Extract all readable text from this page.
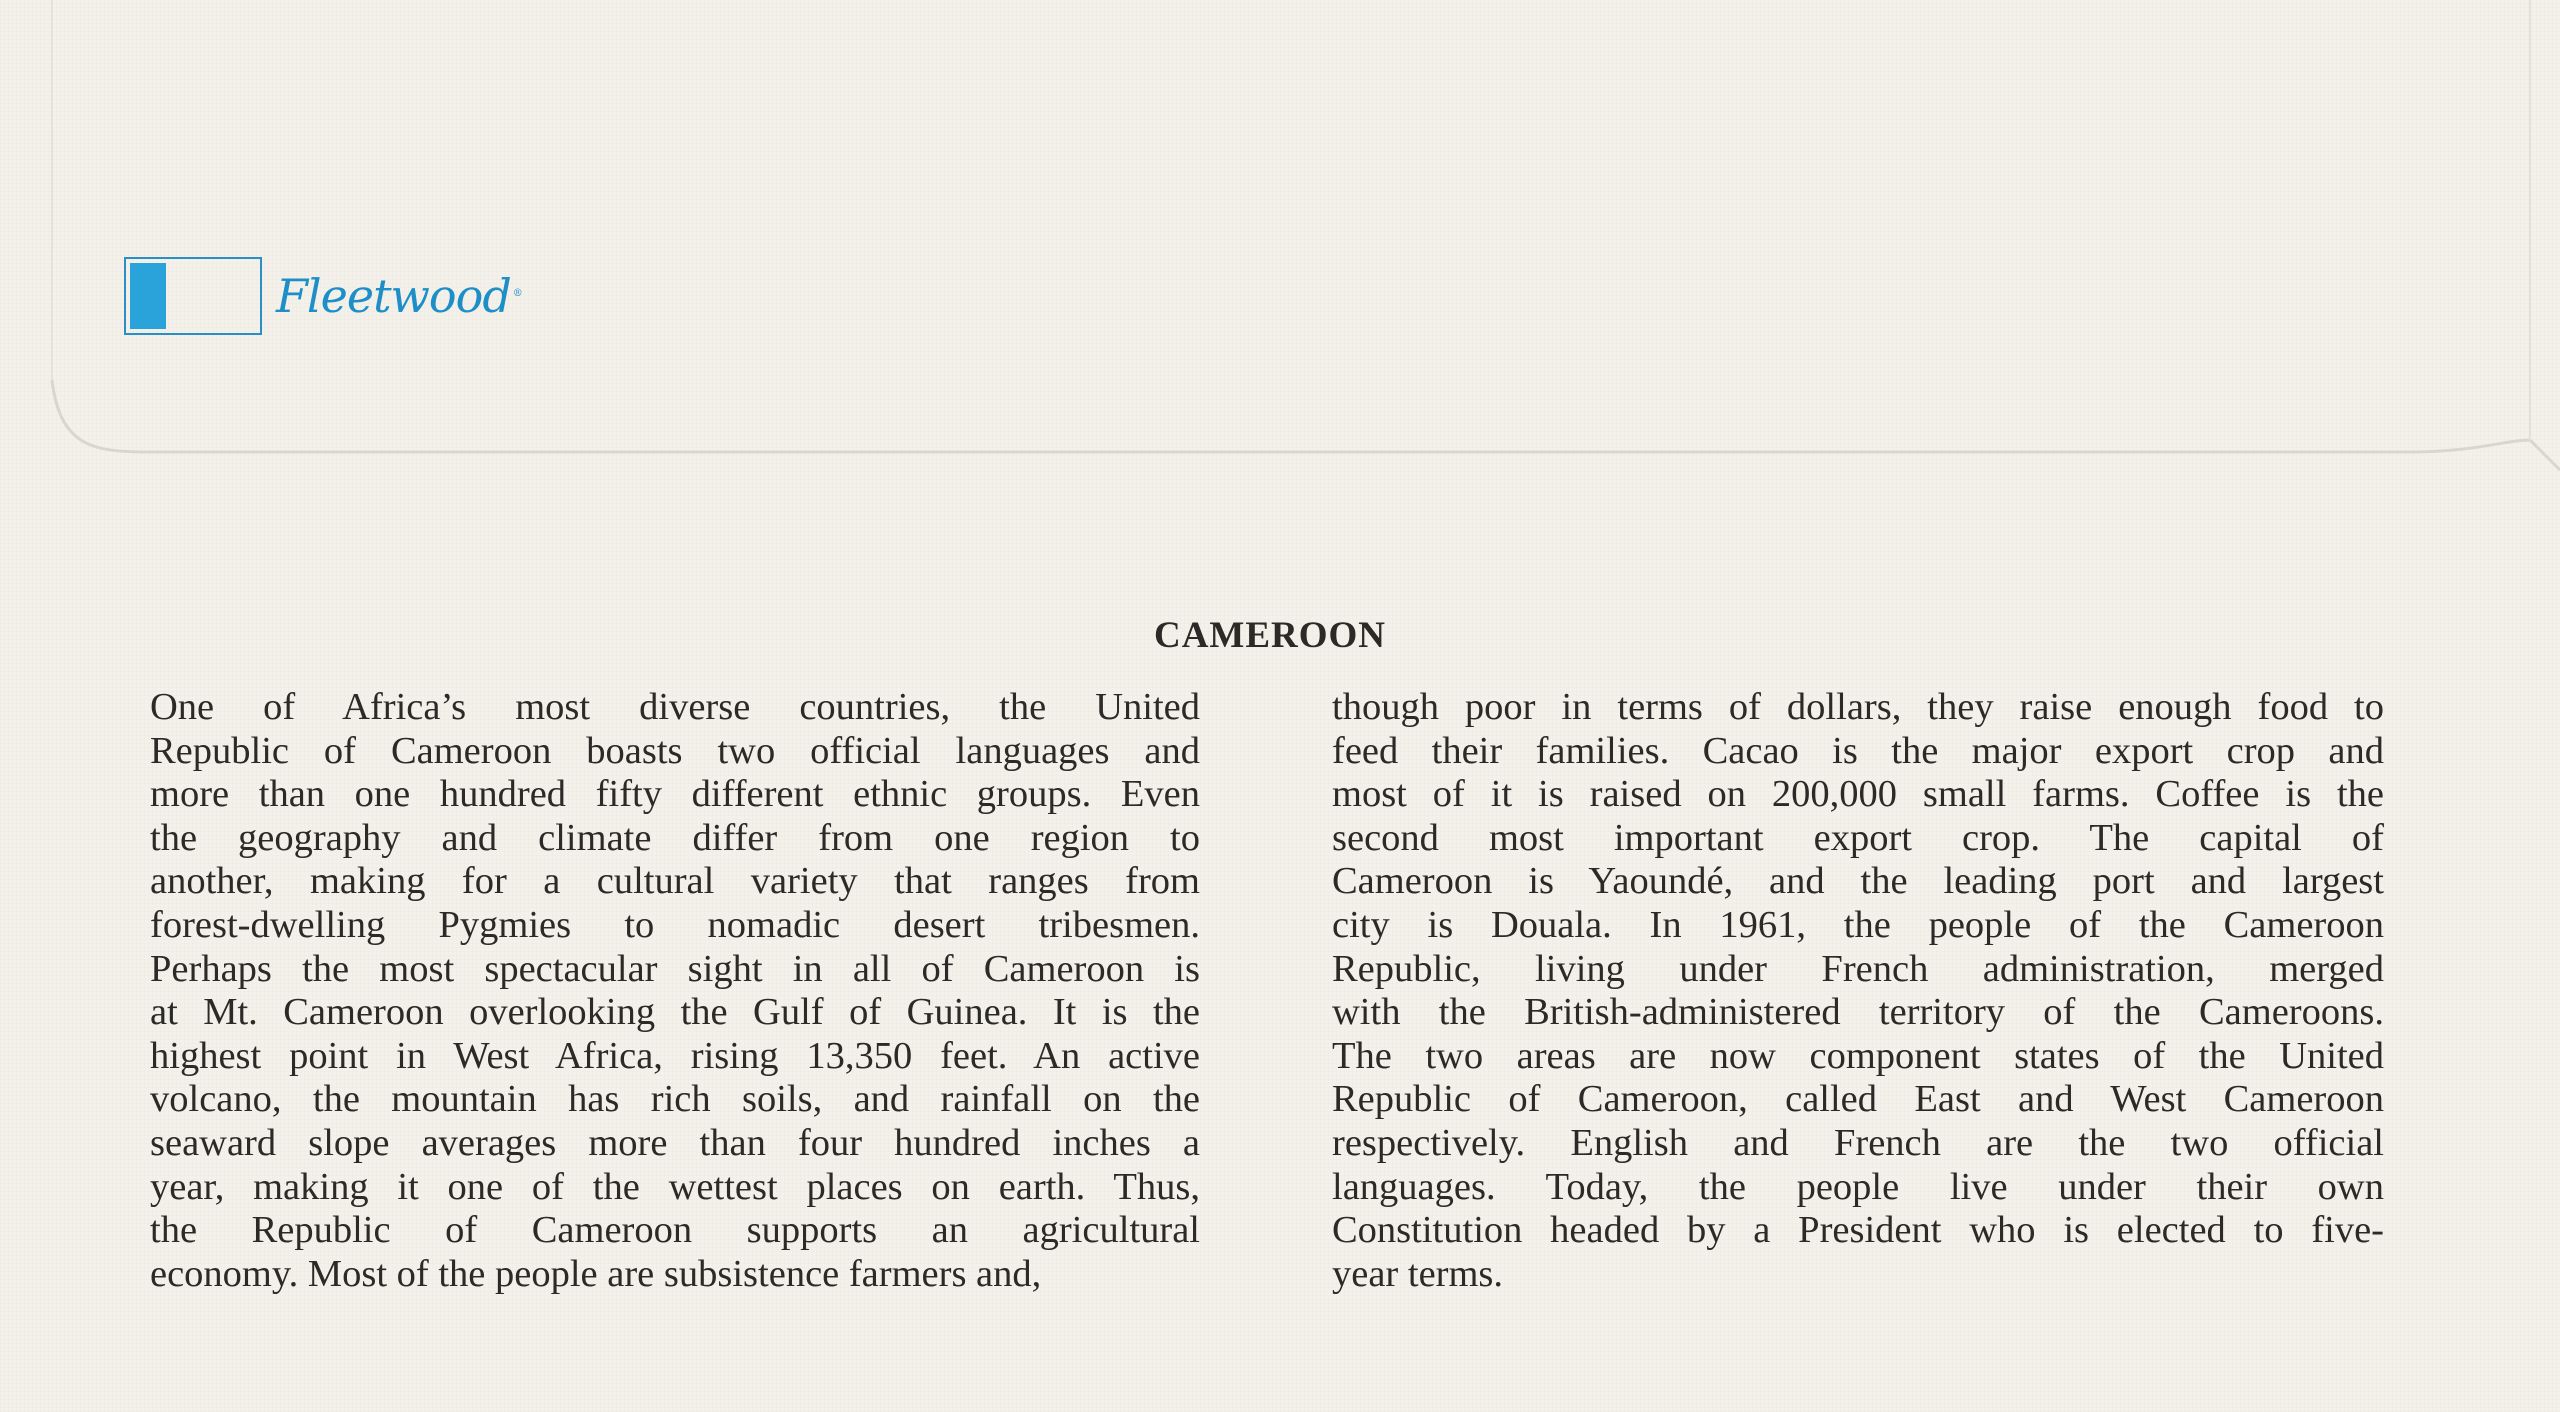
Fleetwood ®
CAMEROON
One of Africa’s most diverse countries, the United
Republic of Cameroon boasts two official languages and
more than one hundred fifty different ethnic groups. Even
the geography and climate differ from one region to
another, making for a cultural variety that ranges from
forest-dwelling Pygmies to nomadic desert tribesmen.
Perhaps the most spectacular sight in all of Cameroon is
at Mt. Cameroon overlooking the Gulf of Guinea. It is the
highest point in West Africa, rising 13,350 feet. An active
volcano, the mountain has rich soils, and rainfall on the
seaward slope averages more than four hundred inches a
year, making it one of the wettest places on earth. Thus,
the Republic of Cameroon supports an agricultural
economy. Most of the people are subsistence farmers and,
though poor in terms of dollars, they raise enough food to
feed their families. Cacao is the major export crop and
most of it is raised on 200,000 small farms. Coffee is the
second most important export crop. The capital of
Cameroon is Yaoundé, and the leading port and largest
city is Douala. In 1961, the people of the Cameroon
Republic, living under French administration, merged
with the British-administered territory of the Cameroons.
The two areas are now component states of the United
Republic of Cameroon, called East and West Cameroon
respectively. English and French are the two official
languages. Today, the people live under their own
Constitution headed by a President who is elected to five-
year terms.
